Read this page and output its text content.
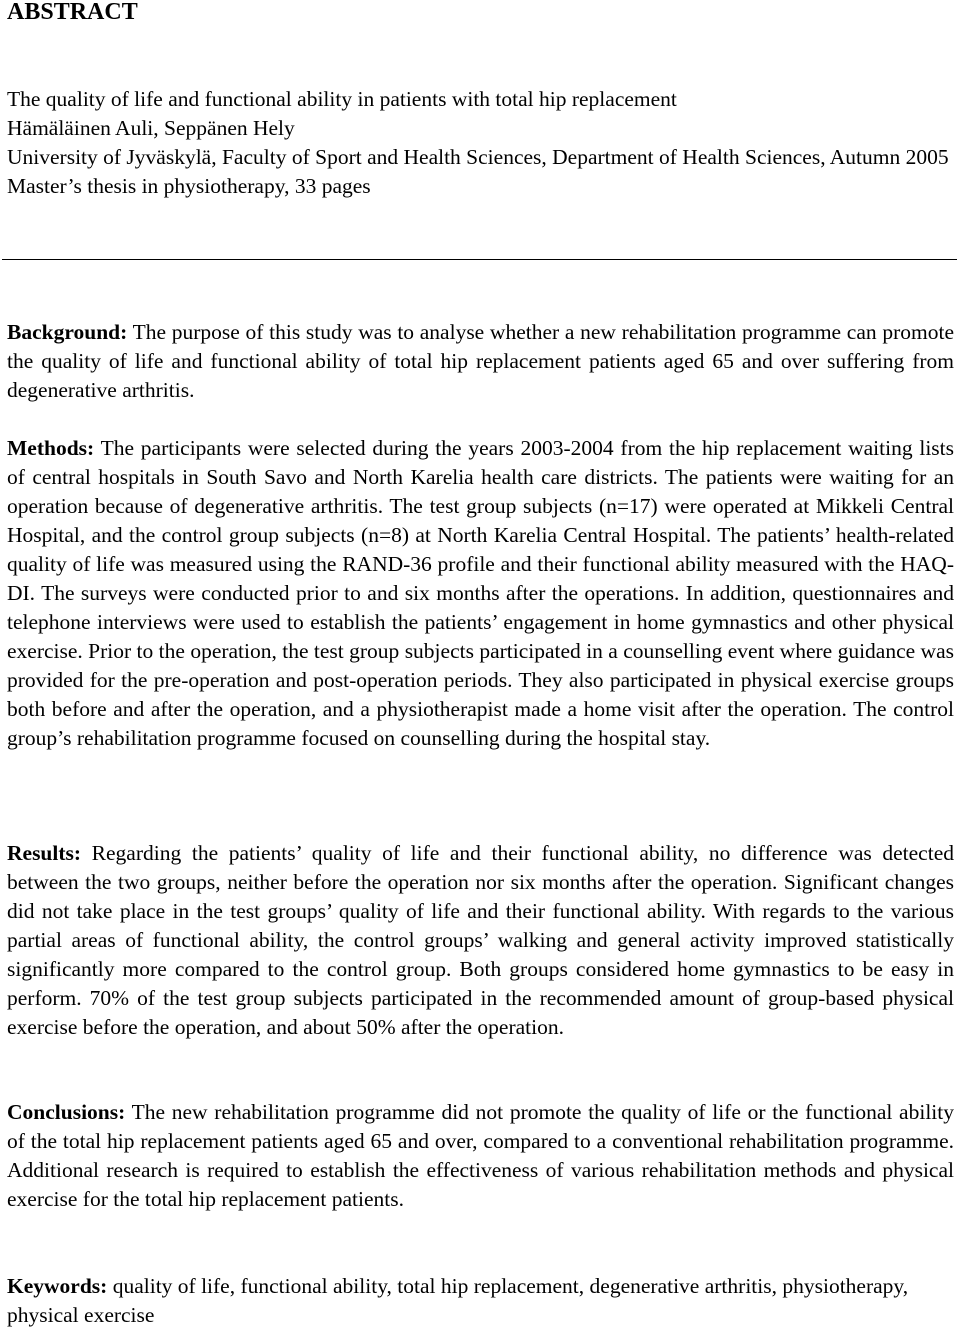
ABSTRACT
The quality of life and functional ability in patients with total hip replacement
Hämäläinen Auli, Seppänen Hely
University of Jyväskylä, Faculty of Sport and Health Sciences, Department of Health Sciences, Autumn 2005
Master’s thesis in physiotherapy, 33 pages

Background: The purpose of this study was to analyse whether a new rehabilitation programme can promote the quality of life and functional ability of total hip replacement patients aged 65 and over suffering from degenerative arthritis.

Methods: The participants were selected during the years 2003-2004 from the hip replacement waiting lists of central hospitals in South Savo and North Karelia health care districts. The patients were waiting for an operation because of degenerative arthritis. The test group subjects (n=17) were operated at Mikkeli Central Hospital, and the control group subjects (n=8) at North Karelia Central Hospital. The patients’ health-related quality of life was measured using the RAND-36 profile and their functional ability measured with the HAQ-DI. The surveys were conducted prior to and six months after the operations. In addition, questionnaires and telephone interviews were used to establish the patients’ engagement in home gymnastics and other physical exercise. Prior to the operation, the test group subjects participated in a counselling event where guidance was provided for the pre-operation and post-operation periods. They also participated in physical exercise groups both before and after the operation, and a physiotherapist made a home visit after the operation. The control group’s rehabilitation programme focused on counselling during the hospital stay.

Results: Regarding the patients’ quality of life and their functional ability, no difference was detected between the two groups, neither before the operation nor six months after the operation. Significant changes did not take place in the test groups’ quality of life and their functional ability. With regards to the various partial areas of functional ability, the control groups’ walking and general activity improved statistically significantly more compared to the control group. Both groups considered home gymnastics to be easy in perform. 70% of the test group subjects participated in the recommended amount of group-based physical exercise before the operation, and about 50% after the operation.

Conclusions: The new rehabilitation programme did not promote the quality of life or the functional ability of the total hip replacement patients aged 65 and over, compared to a conventional rehabilitation programme. Additional research is required to establish the effectiveness of various rehabilitation methods and physical exercise for the total hip replacement patients.

Keywords: quality of life, functional ability, total hip replacement, degenerative arthritis, physiotherapy, physical exercise
